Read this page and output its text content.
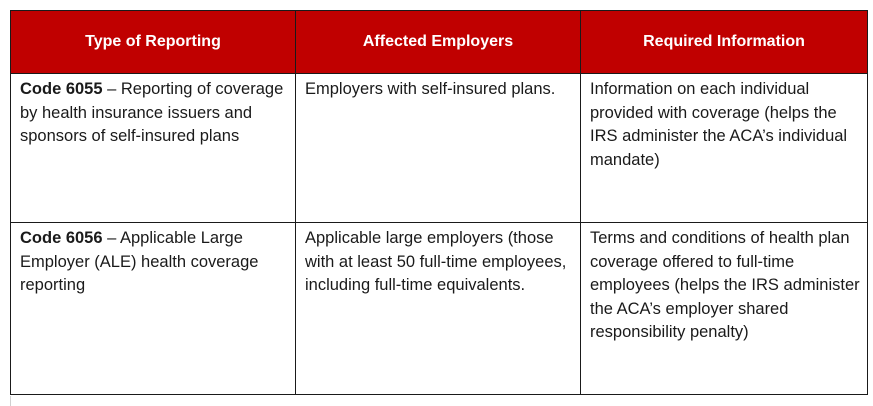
Type of Reporting	Affected Employers	Required Information
Code 6055 – Reporting of coverage by health insurance issuers and sponsors of self-insured plans	Employers with self-insured plans.	Information on each individual provided with coverage (helps the IRS administer the ACA’s individual mandate)
Code 6056 – Applicable Large Employer (ALE) health coverage reporting	Applicable large employers (those with at least 50 full-time employees, including full-time equivalents.	Terms and conditions of health plan coverage offered to full-time employees (helps the IRS administer the ACA’s employer shared responsibility penalty)
